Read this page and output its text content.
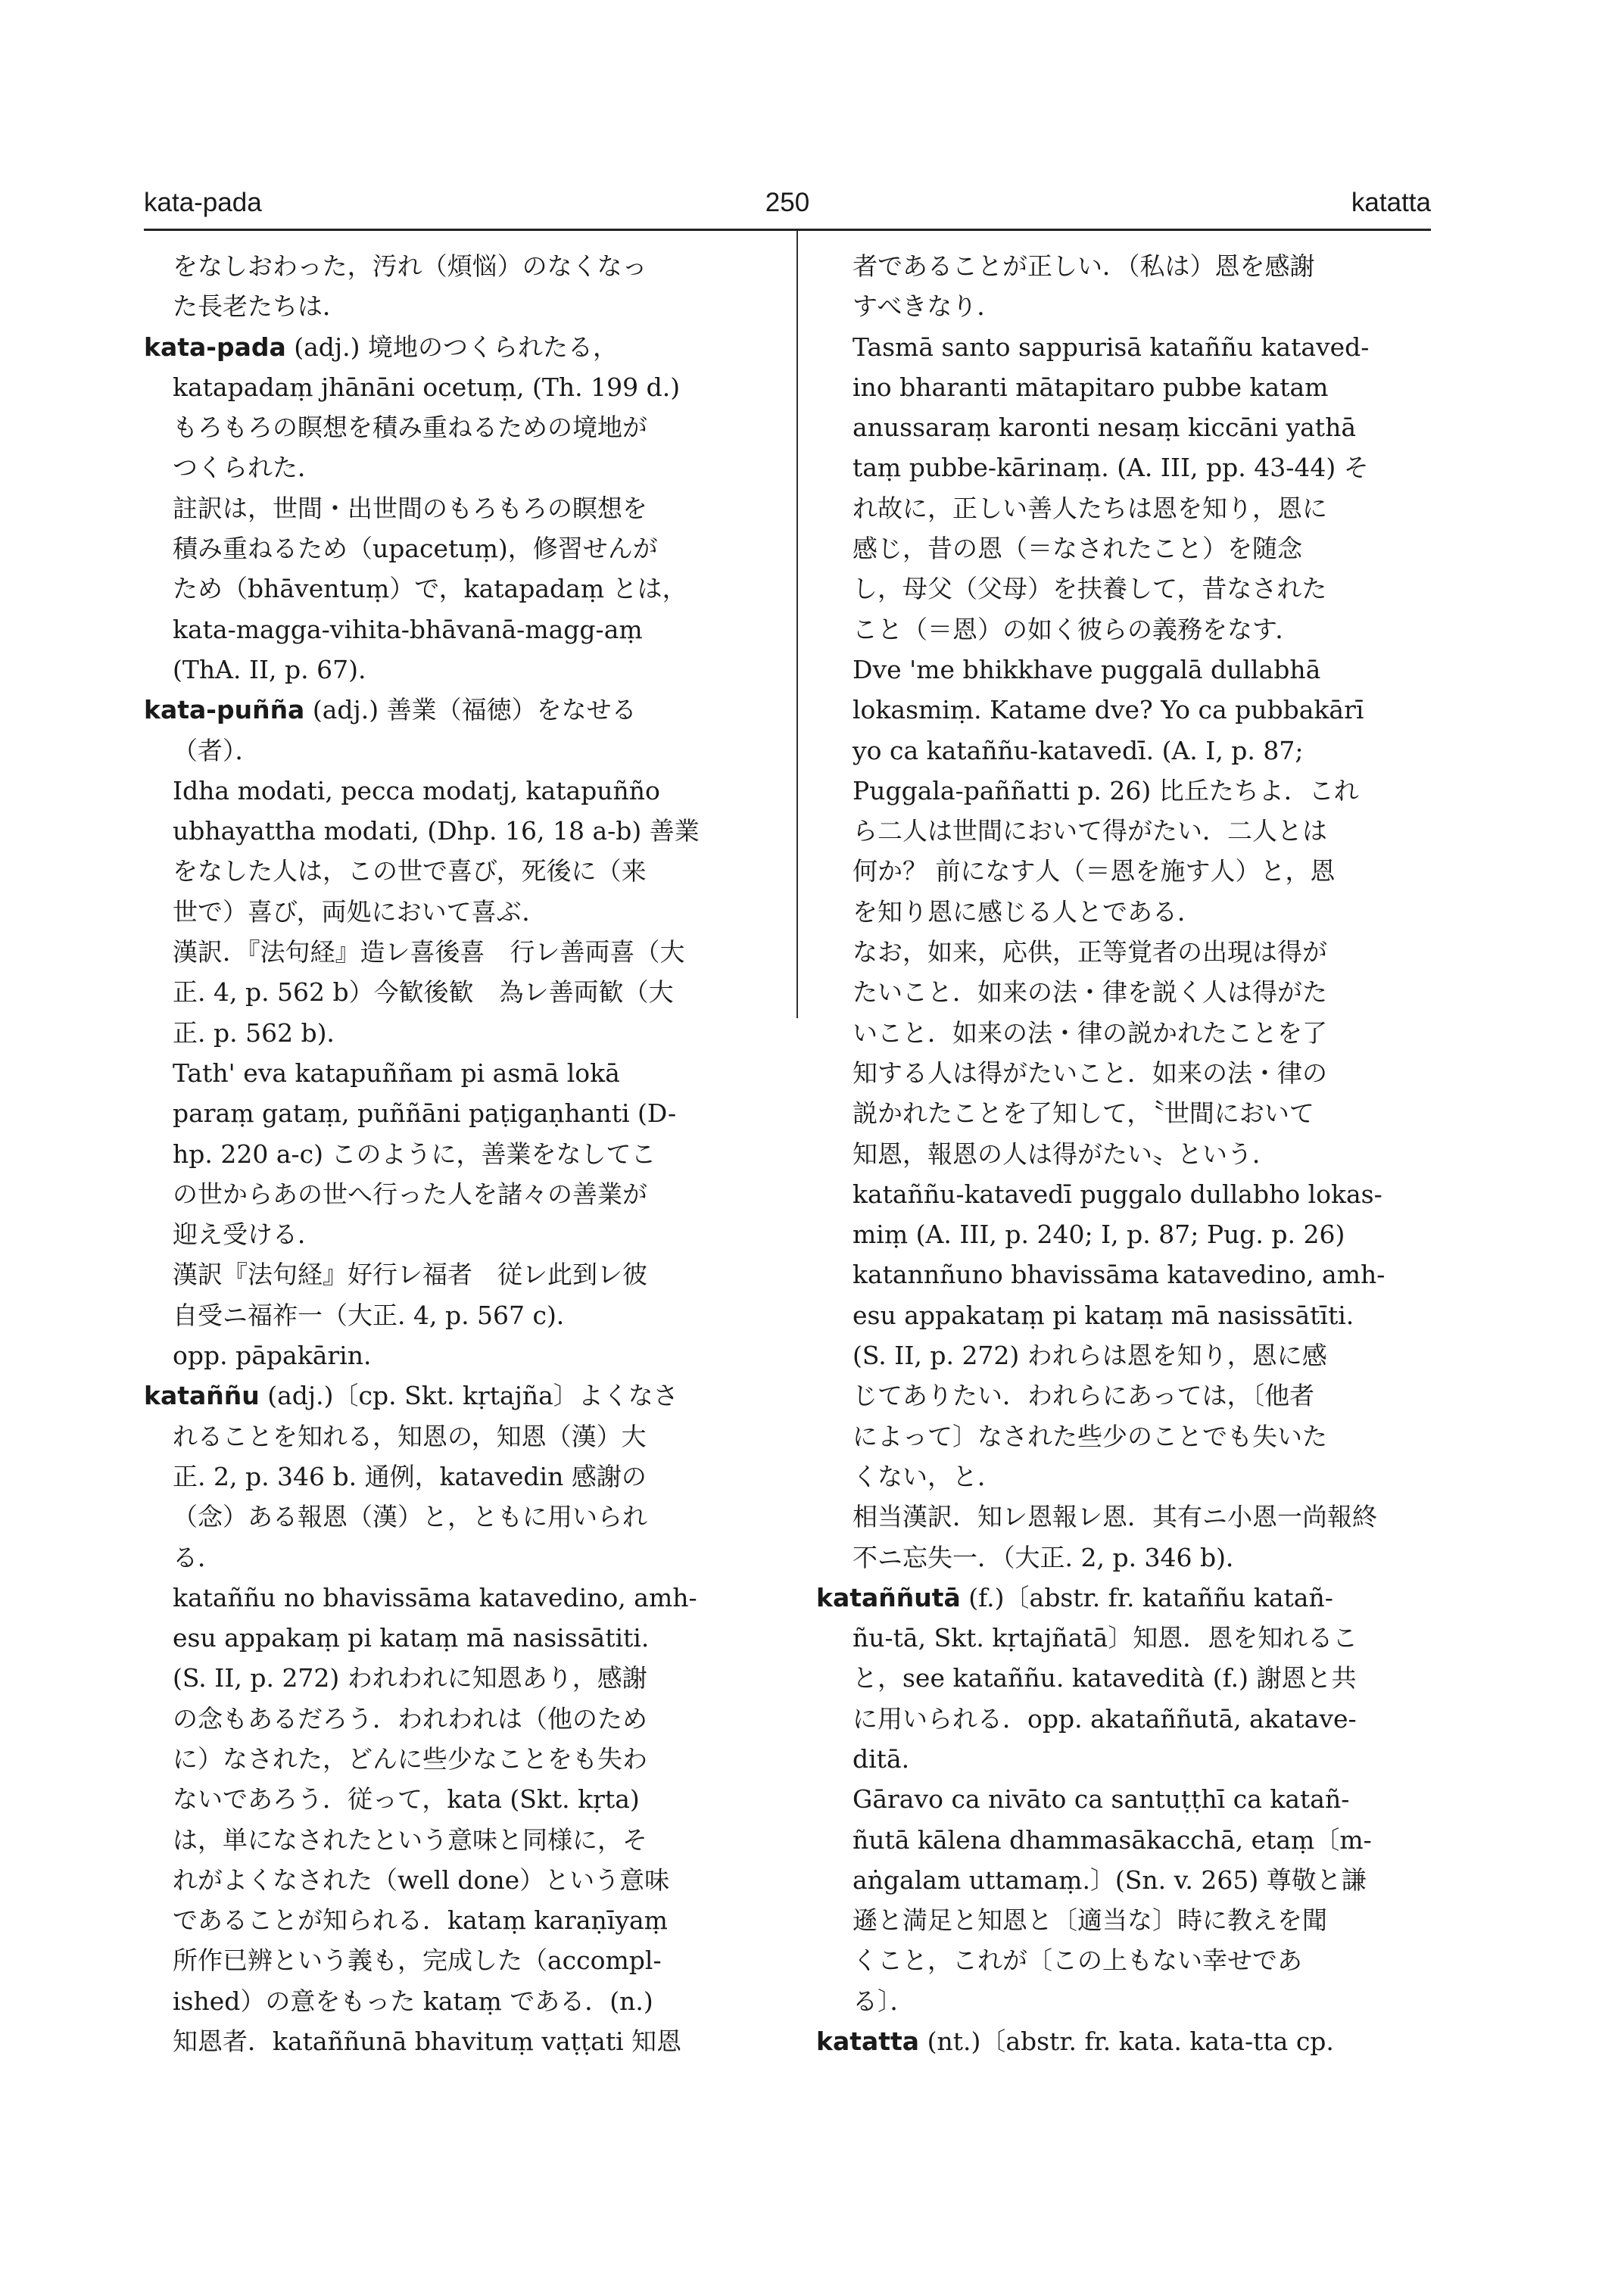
kata-pada	250	katatta
をなしおわった，汚れ（煩悩）のなくなっ
た長老たちは．
kata-pada (adj.) 境地のつくられたる，
katapadaṃ jhānāni ocetuṃ, (Th. 199 d.)
もろもろの瞑想を積み重ねるための境地が
つくられた．
註訳は，世間・出世間のもろもろの瞑想を
積み重ねるため（upacetuṃ)，修習せんが
ため（bhāventuṃ）で，katapadaṃ とは，
kata-magga-vihita-bhāvanā-magg-aṃ
(ThA. II, p. 67).
kata-puñña (adj.) 善業（福徳）をなせる
（者）．
Idha modati, pecca modatj, katapuñño
ubhayattha modati, (Dhp. 16, 18 a-b) 善業
をなした人は，この世で喜び，死後に（来
世で）喜び，両処において喜ぶ．
漢訳．『法句経』造レ喜後喜　行レ善両喜（大
正. 4, p. 562 b）今歓後歓　為レ善両歓（大
正. p. 562 b)．
Tath' eva katapuññam pi asmā lokā
paraṃ gataṃ, puññāni paṭigaṇhanti (D-
hp. 220 a-c) このように，善業をなしてこ
の世からあの世へ行った人を諸々の善業が
迎え受ける．
漢訳『法句経』好行レ福者　従レ此到レ彼
自受ニ福祚一（大正. 4, p. 567 c)．
opp. pāpakārin.
kataññu (adj.)〔cp. Skt. kṛtajña〕よくなさ
れることを知れる，知恩の，知恩（漢）大
正. 2, p. 346 b. 通例，katavedin 感謝の
（念）ある報恩（漢）と，ともに用いられ
る．
kataññu no bhavissāma katavedino, amh-
esu appakaṃ pi kataṃ mā nasissātiti.
(S. II, p. 272) われわれに知恩あり，感謝
の念もあるだろう．われわれは（他のため
に）なされた，どんに些少なことをも失わ
ないであろう．従って，kata (Skt. kṛta)
は，単になされたという意味と同様に，そ
れがよくなされた（well done）という意味
であることが知られる．kataṃ karaṇīyaṃ
所作已辨という義も，完成した（accompl-
ished）の意をもった kataṃ である．(n.)
知恩者．kataññunā bhavituṃ vaṭṭati 知恩
者であることが正しい．（私は）恩を感謝
すべきなり．
Tasmā santo sappurisā kataññu kataved-
ino bharanti mātapitaro pubbe katam
anussaraṃ karonti nesaṃ kiccāni yathā
taṃ pubbe-kārinaṃ. (A. III, pp. 43-44) そ
れ故に，正しい善人たちは恩を知り，恩に
感じ，昔の恩（＝なされたこと）を随念
し，母父（父母）を扶養して，昔なされた
こと（＝恩）の如く彼らの義務をなす．
Dve 'me bhikkhave puggalā dullabhā
lokasmiṃ. Katame dve? Yo ca pubbakārī
yo ca kataññu-katavedī. (A. I, p. 87;
Puggala-paññatti p. 26) 比丘たちよ．これ
ら二人は世間において得がたい．二人とは
何か？ 前になす人（＝恩を施す人）と，恩
を知り恩に感じる人とである．
なお，如来，応供，正等覚者の出現は得が
たいこと．如来の法・律を説く人は得がた
いこと．如来の法・律の説かれたことを了
知する人は得がたいこと．如来の法・律の
説かれたことを了知して，〝世間において
知恩，報恩の人は得がたい〟という．
kataññu-katavedī puggalo dullabho lokas-
miṃ (A. III, p. 240; I, p. 87; Pug. p. 26)
katannñuno bhavissāma katavedino, amh-
esu appakataṃ pi kataṃ mā nasissātīti.
(S. II, p. 272) われらは恩を知り，恩に感
じてありたい．われらにあっては，〔他者
によって〕なされた些少のことでも失いた
くない，と．
相当漢訳．知レ恩報レ恩．其有ニ小恩一尚報終
不ニ忘失一．（大正. 2, p. 346 b)．
kataññutā (f.)〔abstr. fr. kataññu katañ-
ñu-tā, Skt. kṛtajñatā〕知恩．恩を知れるこ
と，see kataññu. katavedità (f.) 謝恩と共
に用いられる．opp. akataññutā, akatave-
ditā.
Gāravo ca nivāto ca santuṭṭhī ca katañ-
ñutā kālena dhammasākacchā, etaṃ〔m-
aṅgalam uttamaṃ.〕(Sn. v. 265) 尊敬と謙
遜と満足と知恩と〔適当な〕時に教えを聞
くこと，これが〔この上もない幸せであ
る〕．
katatta (nt.)〔abstr. fr. kata. kata-tta cp.
